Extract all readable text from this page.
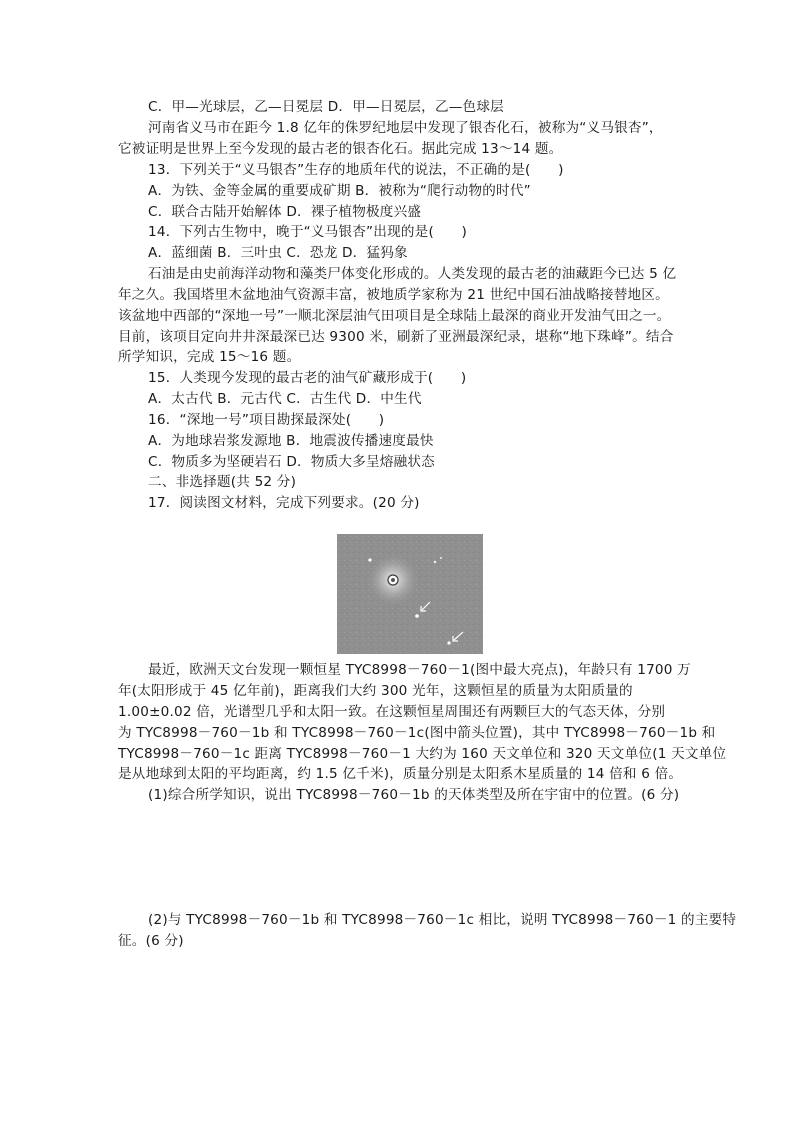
C．甲—光球层，乙—日冕层 D．甲—日冕层，乙—色球层
河南省义马市在距今 1.8 亿年的侏罗纪地层中发现了银杏化石，被称为“义马银杏”，
它被证明是世界上至今发现的最古老的银杏化石。据此完成 13～14 题。
13．下列关于“义马银杏”生存的地质年代的说法，不正确的是(　　)
A．为铁、金等金属的重要成矿期 B．被称为“爬行动物的时代”
C．联合古陆开始解体 D．裸子植物极度兴盛
14．下列古生物中，晚于“义马银杏”出现的是(　　)
A．蓝细菌 B．三叶虫 C．恐龙 D．猛犸象
石油是由史前海洋动物和藻类尸体变化形成的。人类发现的最古老的油藏距今已达 5 亿
年之久。我国塔里木盆地油气资源丰富，被地质学家称为 21 世纪中国石油战略接替地区。
该盆地中西部的“深地一号”一顺北深层油气田项目是全球陆上最深的商业开发油气田之一。
目前，该项目定向井井深最深已达 9300 米，刷新了亚洲最深纪录，堪称“地下珠峰”。结合
所学知识，完成 15～16 题。
15．人类现今发现的最古老的油气矿藏形成于(　　)
A．太古代 B．元古代 C．古生代 D．中生代
16．“深地一号”项目勘探最深处(　　)
A．为地球岩浆发源地 B．地震波传播速度最快
C．物质多为坚硬岩石 D．物质大多呈熔融状态
二、非选择题(共 52 分)
17．阅读图文材料，完成下列要求。(20 分)
最近，欧洲天文台发现一颗恒星 TYC8998－760－1(图中最大亮点)，年龄只有 1700 万
年(太阳形成于 45 亿年前)，距离我们大约 300 光年，这颗恒星的质量为太阳质量的
1.00±0.02 倍，光谱型几乎和太阳一致。在这颗恒星周围还有两颗巨大的气态天体，分别
为 TYC8998－760－1b 和 TYC8998－760－1c(图中箭头位置)，其中 TYC8998－760－1b 和
TYC8998－760－1c 距离 TYC8998－760－1 大约为 160 天文单位和 320 天文单位(1 天文单位
是从地球到太阳的平均距离，约 1.5 亿千米)，质量分别是太阳系木星质量的 14 倍和 6 倍。
(1)综合所学知识，说出 TYC8998－760－1b 的天体类型及所在宇宙中的位置。(6 分)
(2)与 TYC8998－760－1b 和 TYC8998－760－1c 相比，说明 TYC8998－760－1 的主要特
征。(6 分)
